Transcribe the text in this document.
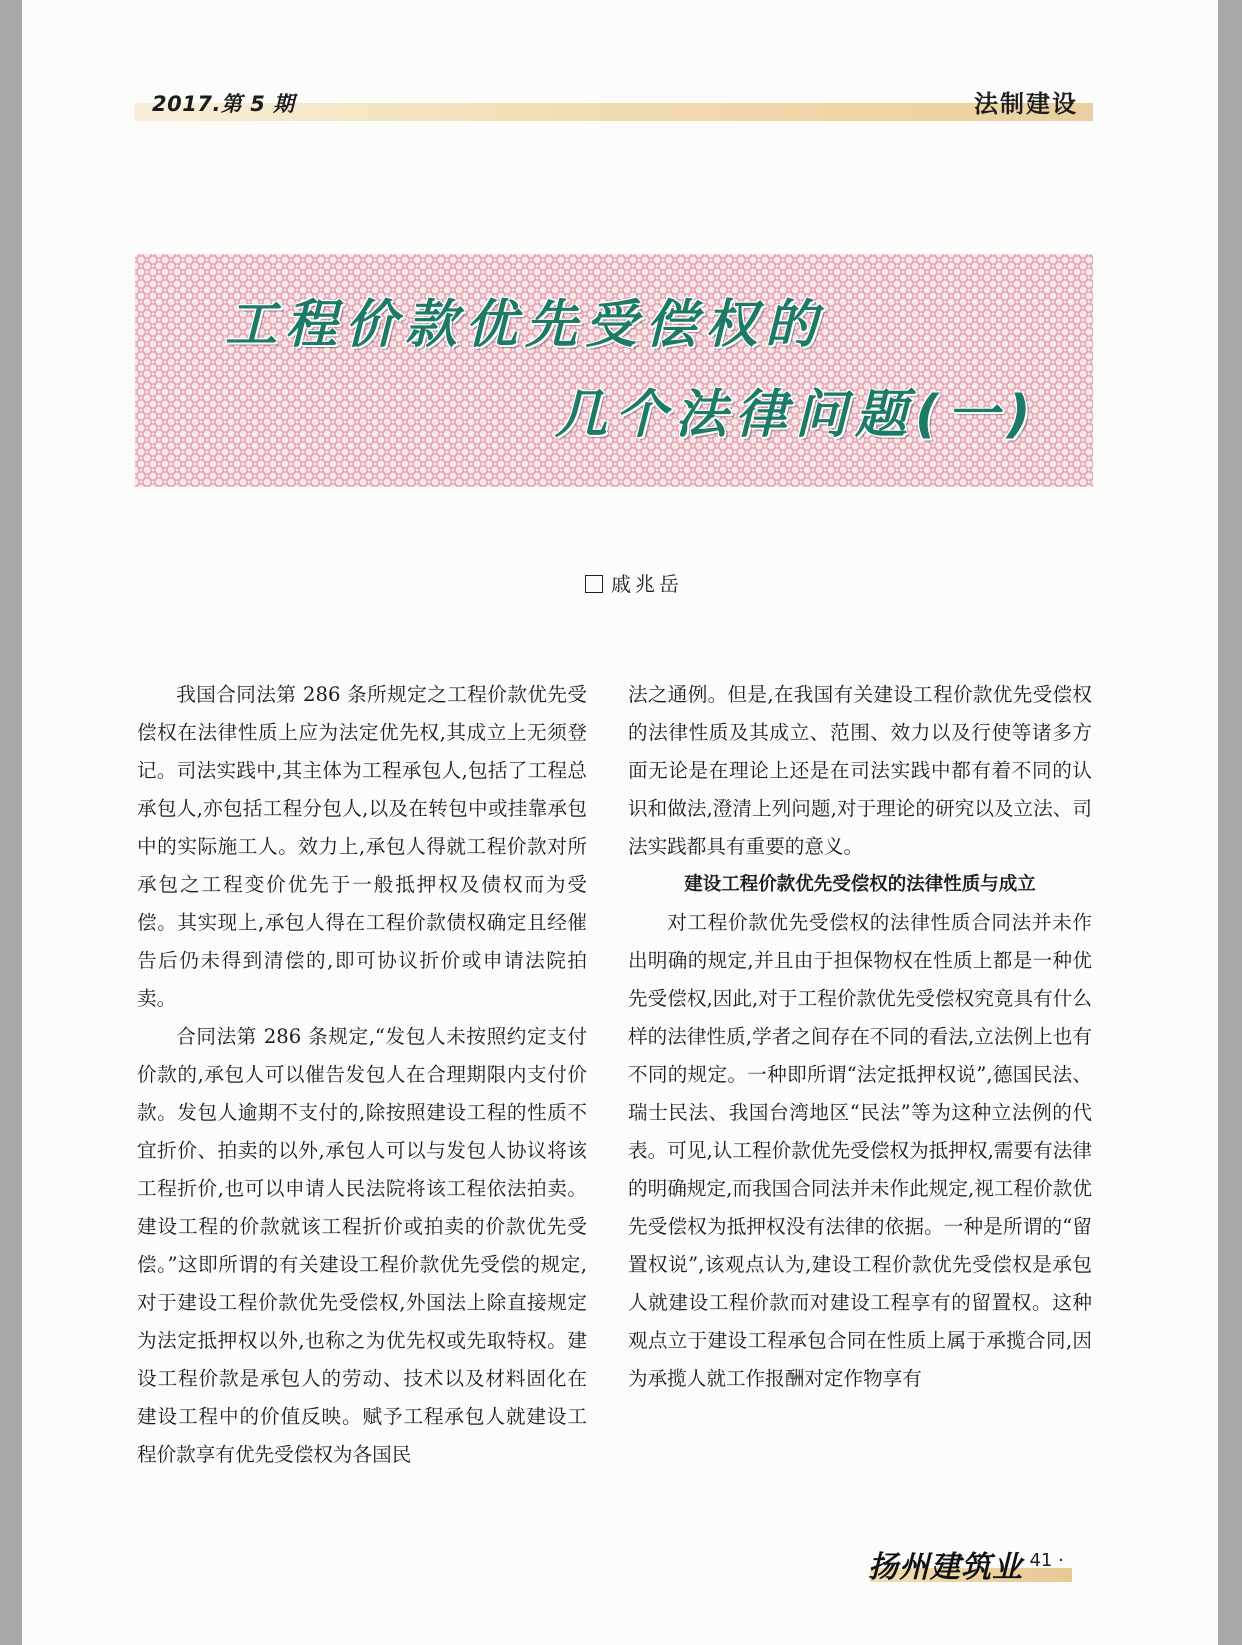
2017.第 5 期	法制建设
工程价款优先受偿权的
几个法律问题(一)
戚兆岳

我国合同法第 286 条所规定之工程价款优先受偿权在法律性质上应为法定优先权,其成立上无须登记。司法实践中,其主体为工程承包人,包括了工程总承包人,亦包括工程分包人,以及在转包中或挂靠承包中的实际施工人。效力上,承包人得就工程价款对所承包之工程变价优先于一般抵押权及债权而为受偿。其实现上,承包人得在工程价款债权确定且经催告后仍未得到清偿的,即可协议折价或申请法院拍卖。

合同法第 286 条规定,“发包人未按照约定支付价款的,承包人可以催告发包人在合理期限内支付价款。发包人逾期不支付的,除按照建设工程的性质不宜折价、拍卖的以外,承包人可以与发包人协议将该工程折价,也可以申请人民法院将该工程依法拍卖。建设工程的价款就该工程折价或拍卖的价款优先受偿。”这即所谓的有关建设工程价款优先受偿的规定,对于建设工程价款优先受偿权,外国法上除直接规定为法定抵押权以外,也称之为优先权或先取特权。建设工程价款是承包人的劳动、技术以及材料固化在建设工程中的价值反映。赋予工程承包人就建设工程价款享有优先受偿权为各国民

法之通例。但是,在我国有关建设工程价款优先受偿权的法律性质及其成立、范围、效力以及行使等诸多方面无论是在理论上还是在司法实践中都有着不同的认识和做法,澄清上列问题,对于理论的研究以及立法、司法实践都具有重要的意义。

建设工程价款优先受偿权的法律性质与成立

对工程价款优先受偿权的法律性质合同法并未作出明确的规定,并且由于担保物权在性质上都是一种优先受偿权,因此,对于工程价款优先受偿权究竟具有什么样的法律性质,学者之间存在不同的看法,立法例上也有不同的规定。一种即所谓“法定抵押权说”,德国民法、瑞士民法、我国台湾地区“民法”等为这种立法例的代表。可见,认工程价款优先受偿权为抵押权,需要有法律的明确规定,而我国合同法并未作此规定,视工程价款优先受偿权为抵押权没有法律的依据。一种是所谓的“留置权说”,该观点认为,建设工程价款优先受偿权是承包人就建设工程价款而对建设工程享有的留置权。这种观点立于建设工程承包合同在性质上属于承揽合同,因为承揽人就工作报酬对定作物享有

扬州建筑业
· 41 ·
